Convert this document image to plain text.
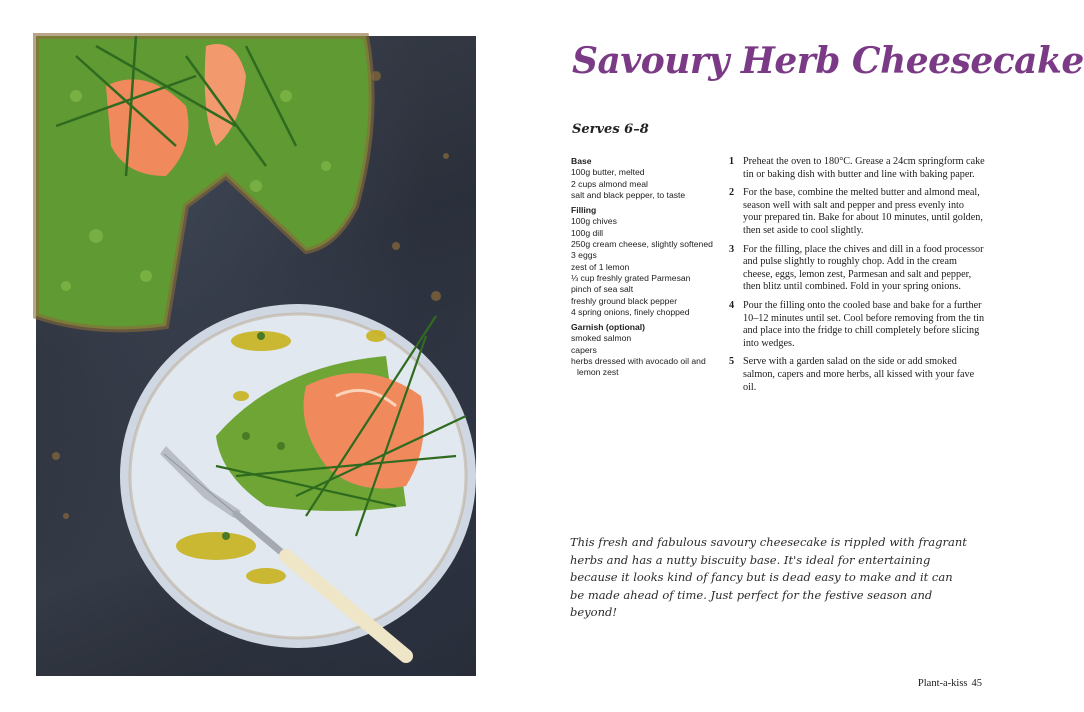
Savoury Herb Cheesecake
Serves 6–8
Base
100g butter, melted
2 cups almond meal
salt and black pepper, to taste
Filling
100g chives
100g dill
250g cream cheese, slightly softened
3 eggs
zest of 1 lemon
⅓ cup freshly grated Parmesan
pinch of sea salt
freshly ground black pepper
4 spring onions, finely chopped
Garnish (optional)
smoked salmon
capers
herbs dressed with avocado oil and lemon zest
1 Preheat the oven to 180°C. Grease a 24cm springform cake tin or baking dish with butter and line with baking paper.
2 For the base, combine the melted butter and almond meal, season well with salt and pepper and press evenly into your prepared tin. Bake for about 10 minutes, until golden, then set aside to cool slightly.
3 For the filling, place the chives and dill in a food processor and pulse slightly to roughly chop. Add in the cream cheese, eggs, lemon zest, Parmesan and salt and pepper, then blitz until combined. Fold in your spring onions.
4 Pour the filling onto the cooled base and bake for a further 10–12 minutes until set. Cool before removing from the tin and place into the fridge to chill completely before slicing into wedges.
5 Serve with a garden salad on the side or add smoked salmon, capers and more herbs, all kissed with your fave oil.
This fresh and fabulous savoury cheesecake is rippled with fragrant herbs and has a nutty biscuity base. It's ideal for entertaining because it looks kind of fancy but is dead easy to make and it can be made ahead of time. Just perfect for the festive season and beyond!
Plant-a-kiss 45
